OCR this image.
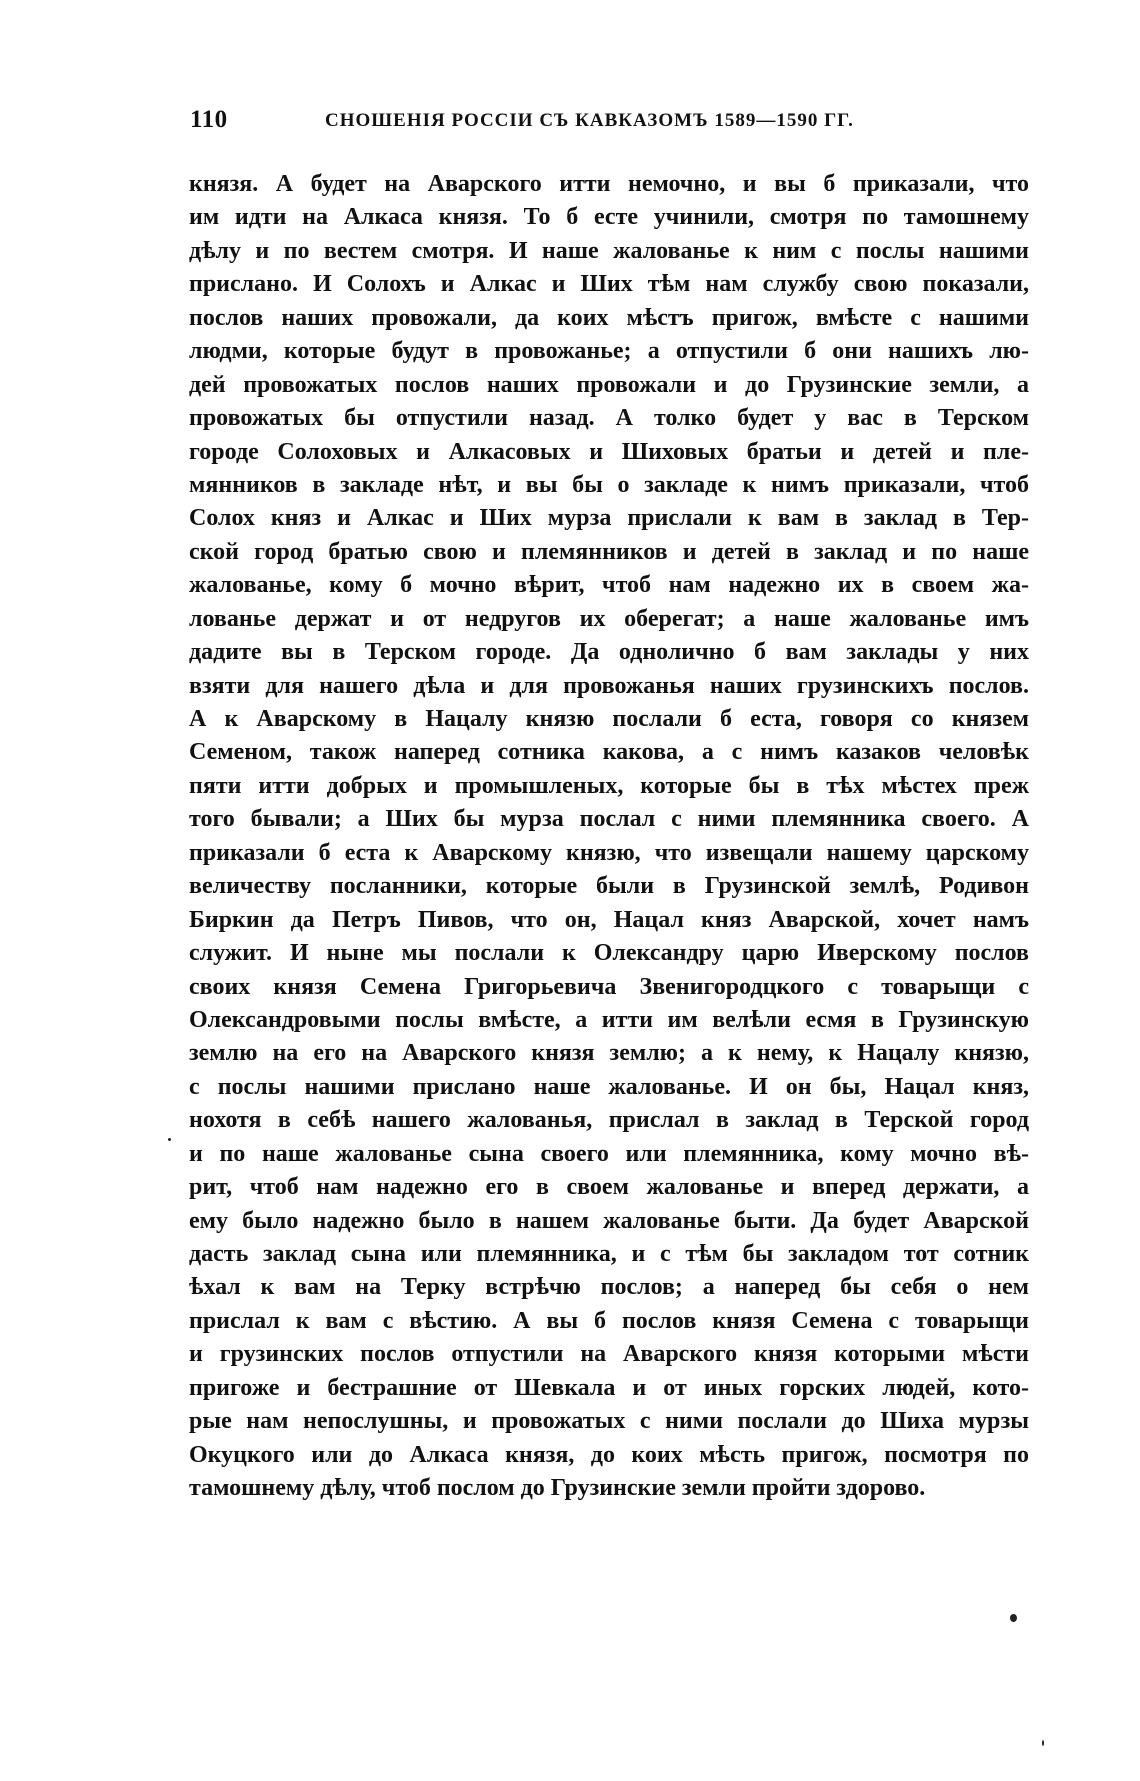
110	СНОШЕНІЯ РОССІИ СЪ КАВКАЗОМЪ 1589—1590 ГГ.
князя. А будет на Аварского итти немочно, и вы б приказали, что
им идти на Алкаса князя. То б есте учинили, смотря по тамошнему
дѣлу и по вестем смотря. И наше жалованье к ним с послы нашими
прислано. И Солохъ и Алкас и Ших тѣм нам службу свою показали,
послов наших провожали, да коих мѣстъ пригож, вмѣсте с нашими
людми, которые будут в провожанье; а отпустили б они нашихъ лю-
дей провожатых послов наших провожали и до Грузинские земли, а
провожатых бы отпустили назад. А толко будет у вас в Терском
городе Солоховых и Алкасовых и Шиховых братьи и детей и пле-
мянников в закладе нѣт, и вы бы о закладе к нимъ приказали, чтоб
Солох княз и Алкас и Ших мурза прислали к вам в заклад в Тер-
ской город братью свою и племянников и детей в заклад и по наше
жалованье, кому б мочно вѣрит, чтоб нам надежно их в своем жа-
лованье держат и от недругов их оберегат; а наше жалованье имъ
дадите вы в Терском городе. Да однолично б вам заклады у них
взяти для нашего дѣла и для провожанья наших грузинскихъ послов.
А к Аварскому в Нацалу князю послали б еста, говоря со князем
Семеном, також наперед сотника какова, а с нимъ казаков человѣк
пяти итти добрых и промышленых, которые бы в тѣх мѣстех преж
того бывали; а Ших бы мурза послал с ними племянника своего. А
приказали б еста к Аварскому князю, что извещали нашему царскому
величеству посланники, которые были в Грузинской землѣ, Родивон
Биркин да Петръ Пивов, что он, Нацал княз Аварской, хочет намъ
служит. И ныне мы послали к Олександру царю Иверскому послов
своих князя Семена Григорьевича Звенигородцкого с товарыщи с
Олександровыми послы вмѣсте, а итти им велѣли есмя в Грузинскую
землю на его на Аварского князя землю; а к нему, к Нацалу князю,
с послы нашими прислано наше жалованье. И он бы, Нацал княз,
нохотя в себѣ нашего жалованья, прислал в заклад в Терской город
и по наше жалованье сына своего или племянника, кому мочно вѣ-
рит, чтоб нам надежно его в своем жалованье и вперед держати, а
ему было надежно было в нашем жалованье быти. Да будет Аварской
дасть заклад сына или племянника, и с тѣм бы закладом тот сотник
ѣхал к вам на Терку встрѣчю послов; а наперед бы себя о нем
прислал к вам с вѣстию. А вы б послов князя Семена с товарыщи
и грузинских послов отпустили на Аварского князя которыми мѣсти
пригоже и бестрашние от Шевкала и от иных горских людей, кото-
рые нам непослушны, и провожатых с ними послали до Шиха мурзы
Окуцкого или до Алкаса князя, до коих мѣсть пригож, посмотря по
тамошнему дѣлу, чтоб послом до Грузинские земли пройти здорово.
